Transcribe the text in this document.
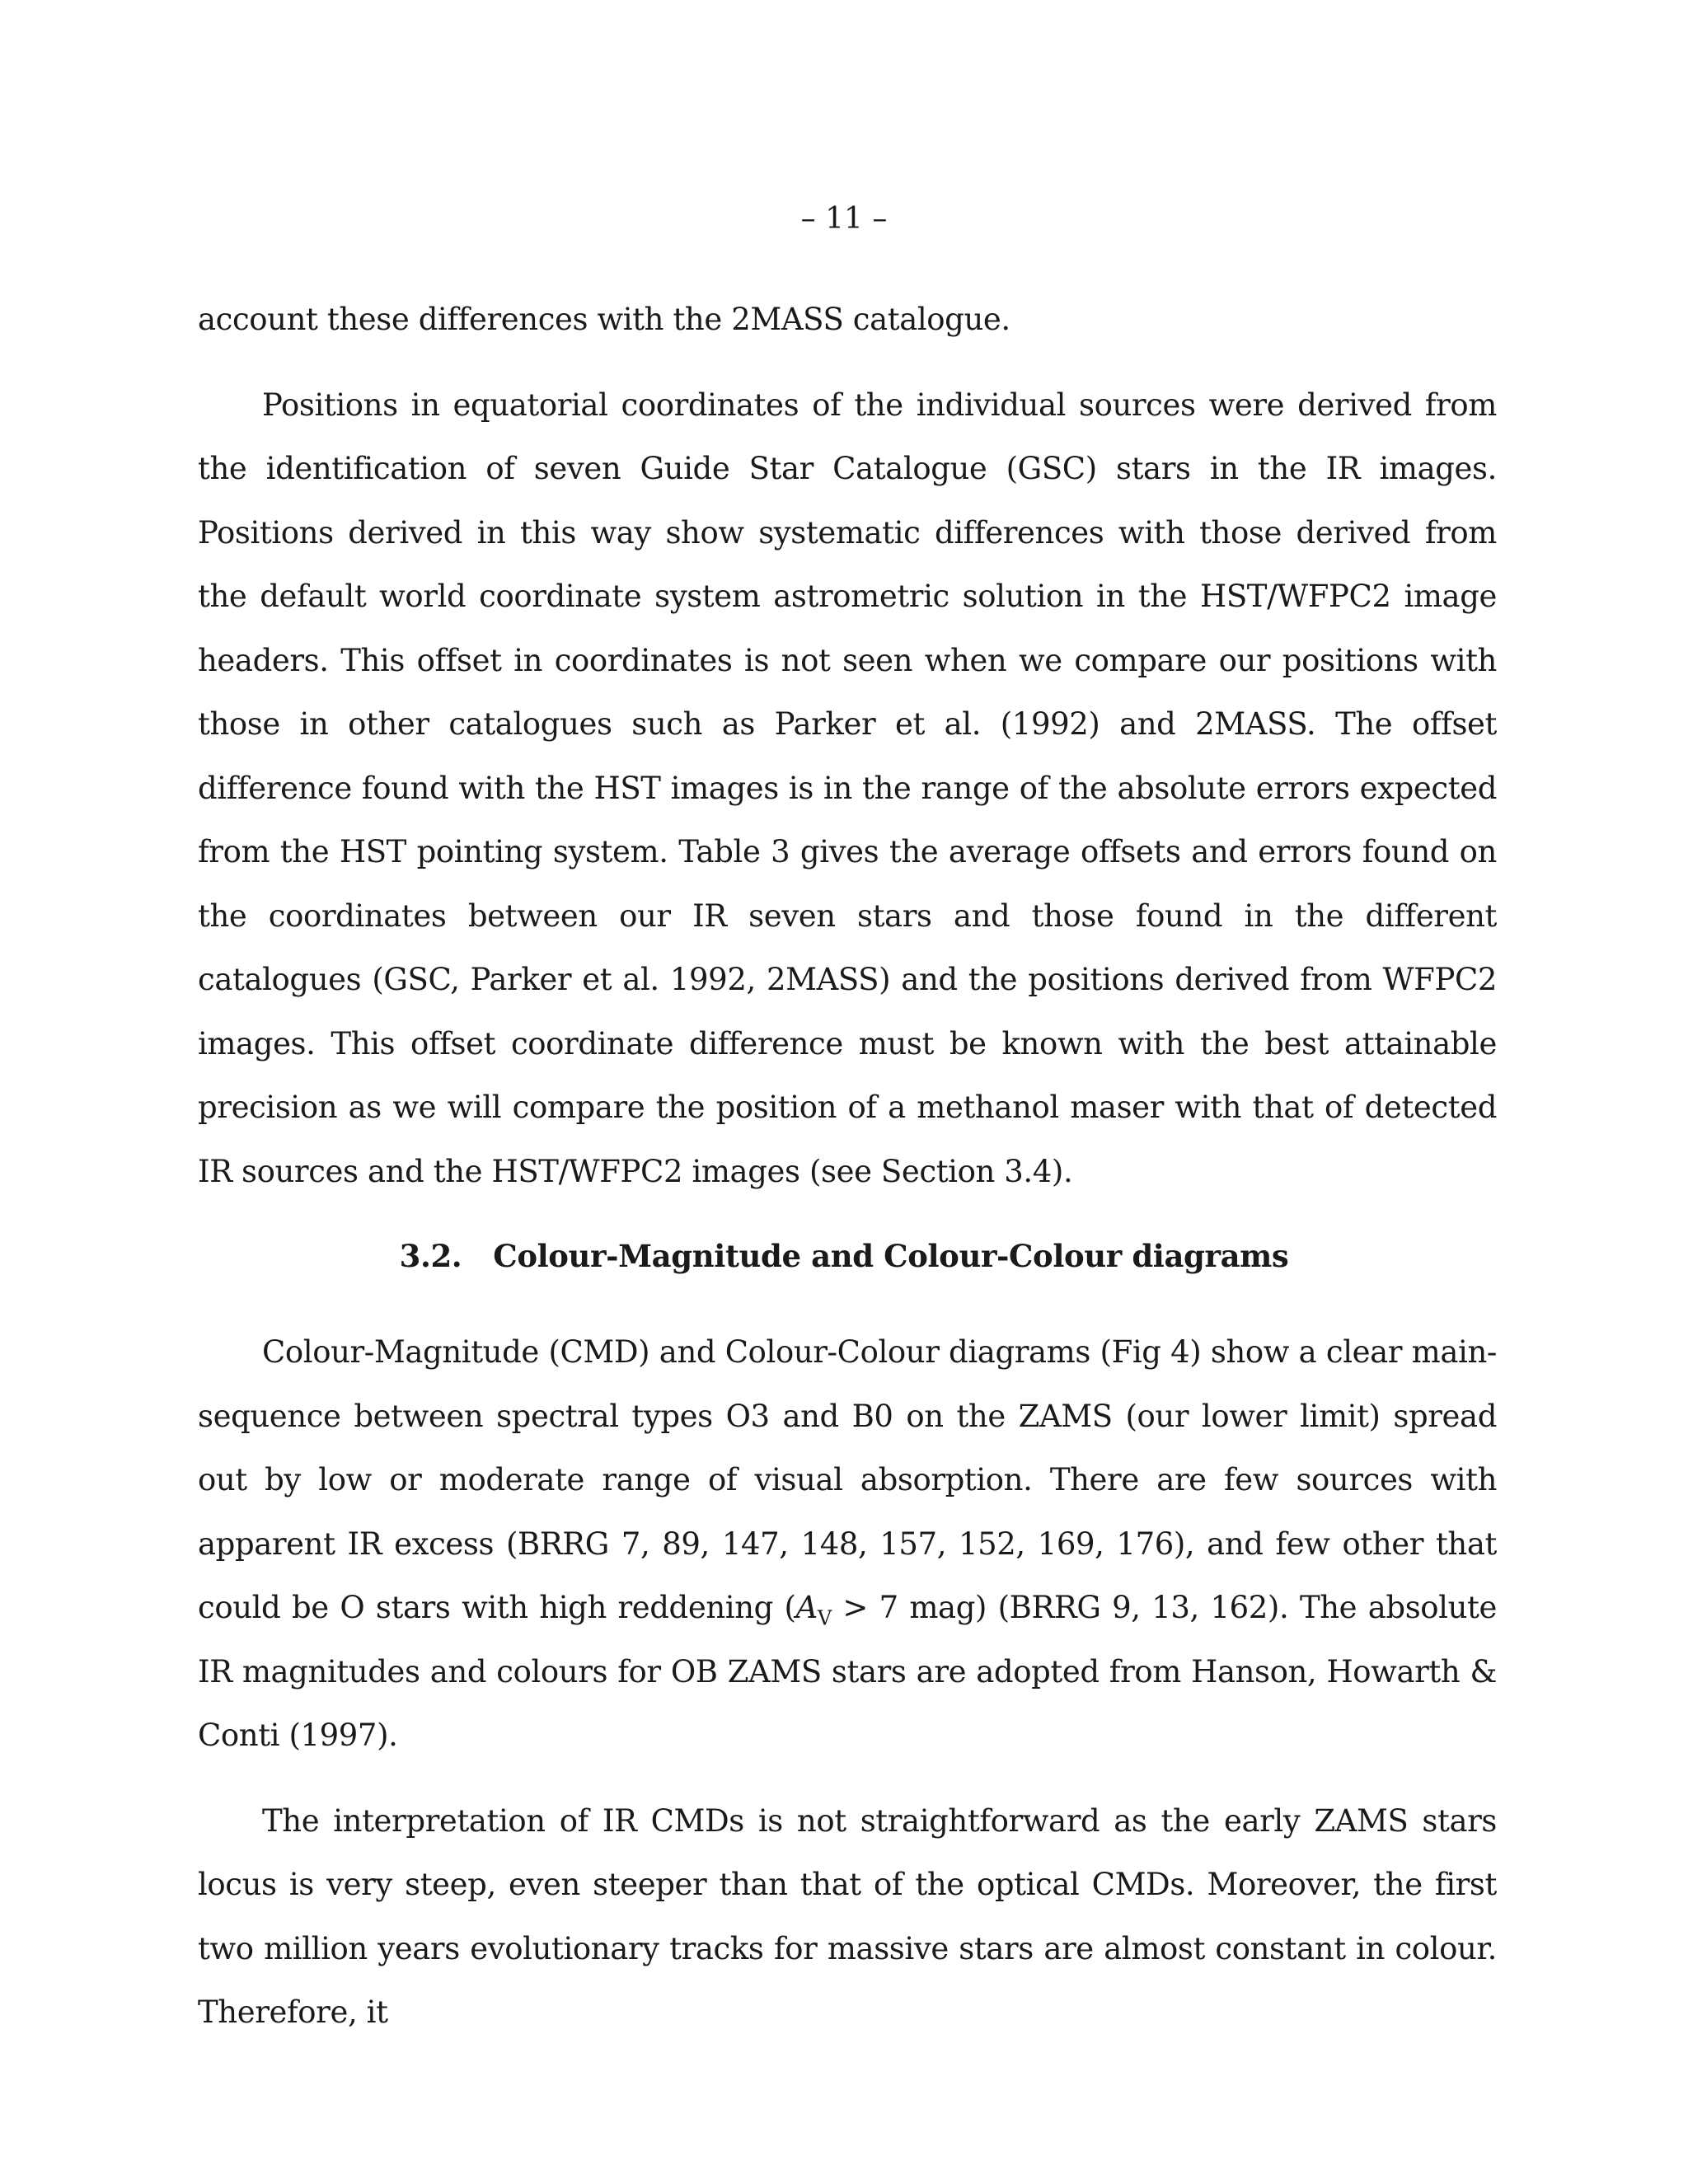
– 11 –

account these differences with the 2MASS catalogue.

Positions in equatorial coordinates of the individual sources were derived from the identification of seven Guide Star Catalogue (GSC) stars in the IR images. Positions derived in this way show systematic differences with those derived from the default world coordinate system astrometric solution in the HST/WFPC2 image headers. This offset in coordinates is not seen when we compare our positions with those in other catalogues such as Parker et al. (1992) and 2MASS. The offset difference found with the HST images is in the range of the absolute errors expected from the HST pointing system. Table 3 gives the average offsets and errors found on the coordinates between our IR seven stars and those found in the different catalogues (GSC, Parker et al. 1992, 2MASS) and the positions derived from WFPC2 images. This offset coordinate difference must be known with the best attainable precision as we will compare the position of a methanol maser with that of detected IR sources and the HST/WFPC2 images (see Section 3.4).

3.2. Colour-Magnitude and Colour-Colour diagrams

Colour-Magnitude (CMD) and Colour-Colour diagrams (Fig 4) show a clear main-sequence between spectral types O3 and B0 on the ZAMS (our lower limit) spread out by low or moderate range of visual absorption. There are few sources with apparent IR excess (BRRG 7, 89, 147, 148, 157, 152, 169, 176), and few other that could be O stars with high reddening ($A_V > 7$ mag) (BRRG 9, 13, 162). The absolute IR magnitudes and colours for OB ZAMS stars are adopted from Hanson, Howarth & Conti (1997).

The interpretation of IR CMDs is not straightforward as the early ZAMS stars locus is very steep, even steeper than that of the optical CMDs. Moreover, the first two million years evolutionary tracks for massive stars are almost constant in colour. Therefore, it
